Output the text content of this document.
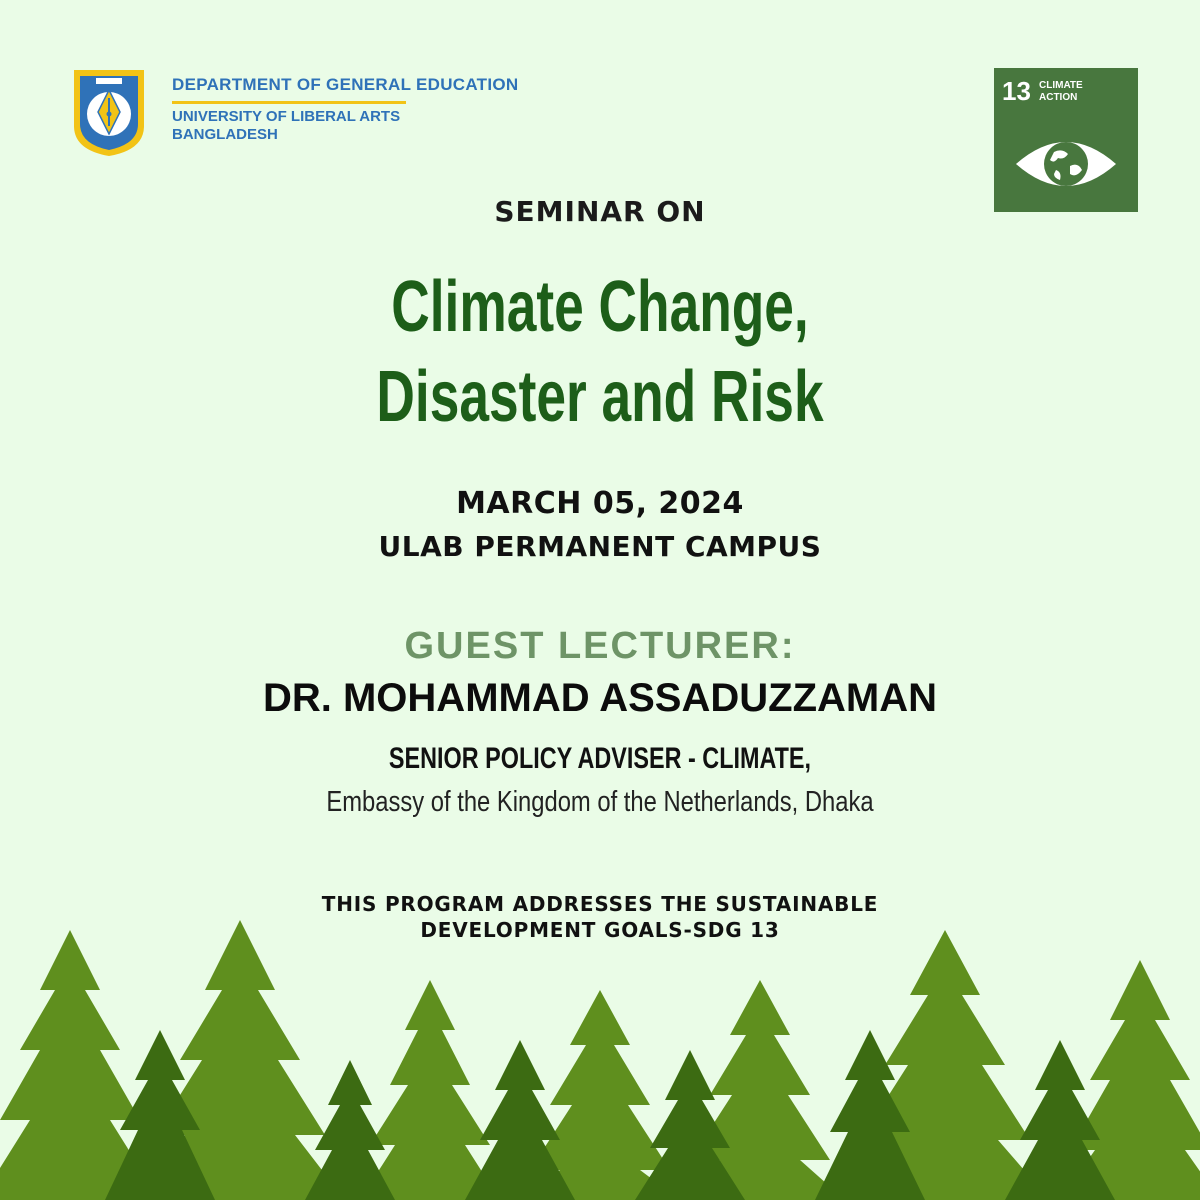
DEPARTMENT OF GENERAL EDUCATION
UNIVERSITY OF LIBERAL ARTS
BANGLADESH
13 CLIMATE
ACTION
SEMINAR ON
Climate Change,
Disaster and Risk
MARCH 05, 2024
ULAB PERMANENT CAMPUS
GUEST LECTURER:
DR. MOHAMMAD ASSADUZZAMAN
SENIOR POLICY ADVISER - CLIMATE,
Embassy of the Kingdom of the Netherlands, Dhaka
THIS PROGRAM ADDRESSES THE SUSTAINABLE
DEVELOPMENT GOALS-SDG 13
